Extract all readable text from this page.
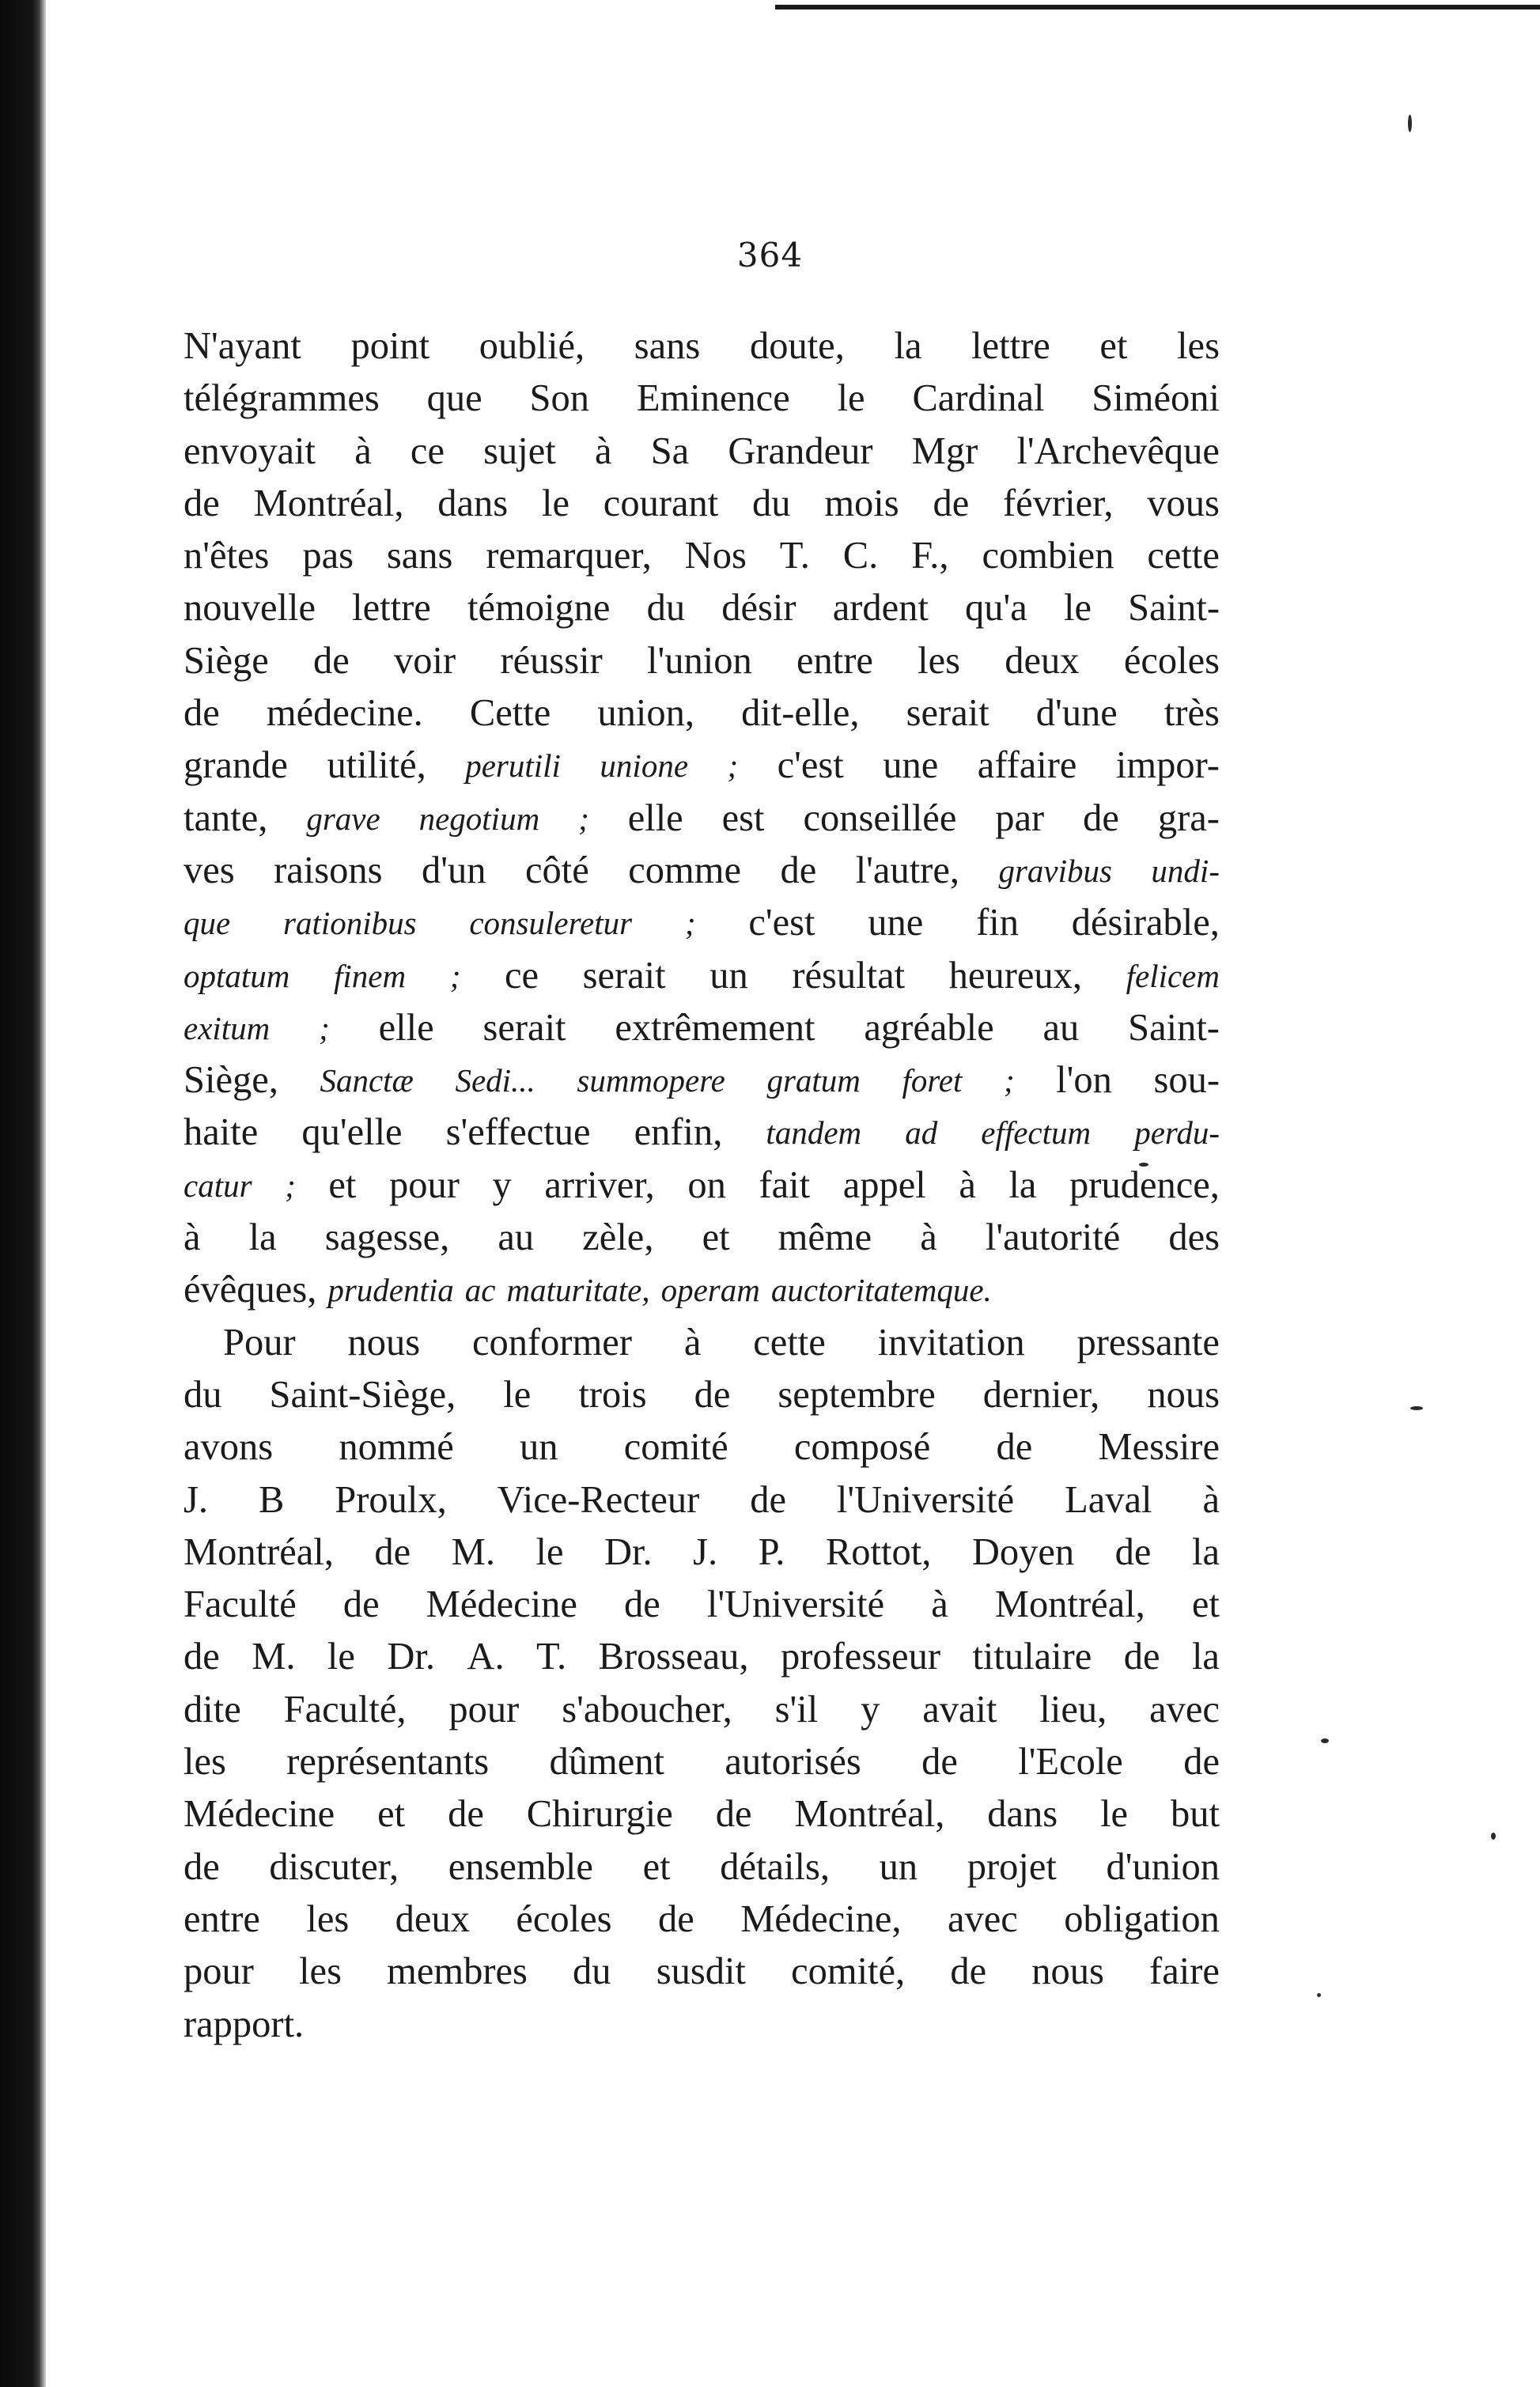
364
N'ayant point oublié, sans doute, la lettre et les
télégrammes que Son Eminence le Cardinal Siméoni
envoyait à ce sujet à Sa Grandeur Mgr l'Archevêque
de Montréal, dans le courant du mois de février, vous
n'êtes pas sans remarquer, Nos T. C. F., combien cette
nouvelle lettre témoigne du désir ardent qu'a le Saint-
Siège de voir réussir l'union entre les deux écoles
de médecine. Cette union, dit-elle, serait d'une très
grande utilité, perutili unione ; c'est une affaire impor-
tante, grave negotium ; elle est conseillée par de gra-
ves raisons d'un côté comme de l'autre, gravibus undi-
que rationibus consuleretur ; c'est une fin désirable,
optatum finem ; ce serait un résultat heureux, felicem
exitum ; elle serait extrêmement agréable au Saint-
Siège, Sanctæ Sedi... summopere gratum foret ; l'on sou-
haite qu'elle s'effectue enfin, tandem ad effectum perdu-
catur ; et pour y arriver, on fait appel à la prudence,
à la sagesse, au zèle, et même à l'autorité des
évêques, prudentia ac maturitate, operam auctoritatemque.
Pour nous conformer à cette invitation pressante
du Saint-Siège, le trois de septembre dernier, nous
avons nommé un comité composé de Messire
J. B Proulx, Vice-Recteur de l'Université Laval à
Montréal, de M. le Dr. J. P. Rottot, Doyen de la
Faculté de Médecine de l'Université à Montréal, et
de M. le Dr. A. T. Brosseau, professeur titulaire de la
dite Faculté, pour s'aboucher, s'il y avait lieu, avec
les représentants dûment autorisés de l'Ecole de
Médecine et de Chirurgie de Montréal, dans le but
de discuter, ensemble et détails, un projet d'union
entre les deux écoles de Médecine, avec obligation
pour les membres du susdit comité, de nous faire
rapport.
